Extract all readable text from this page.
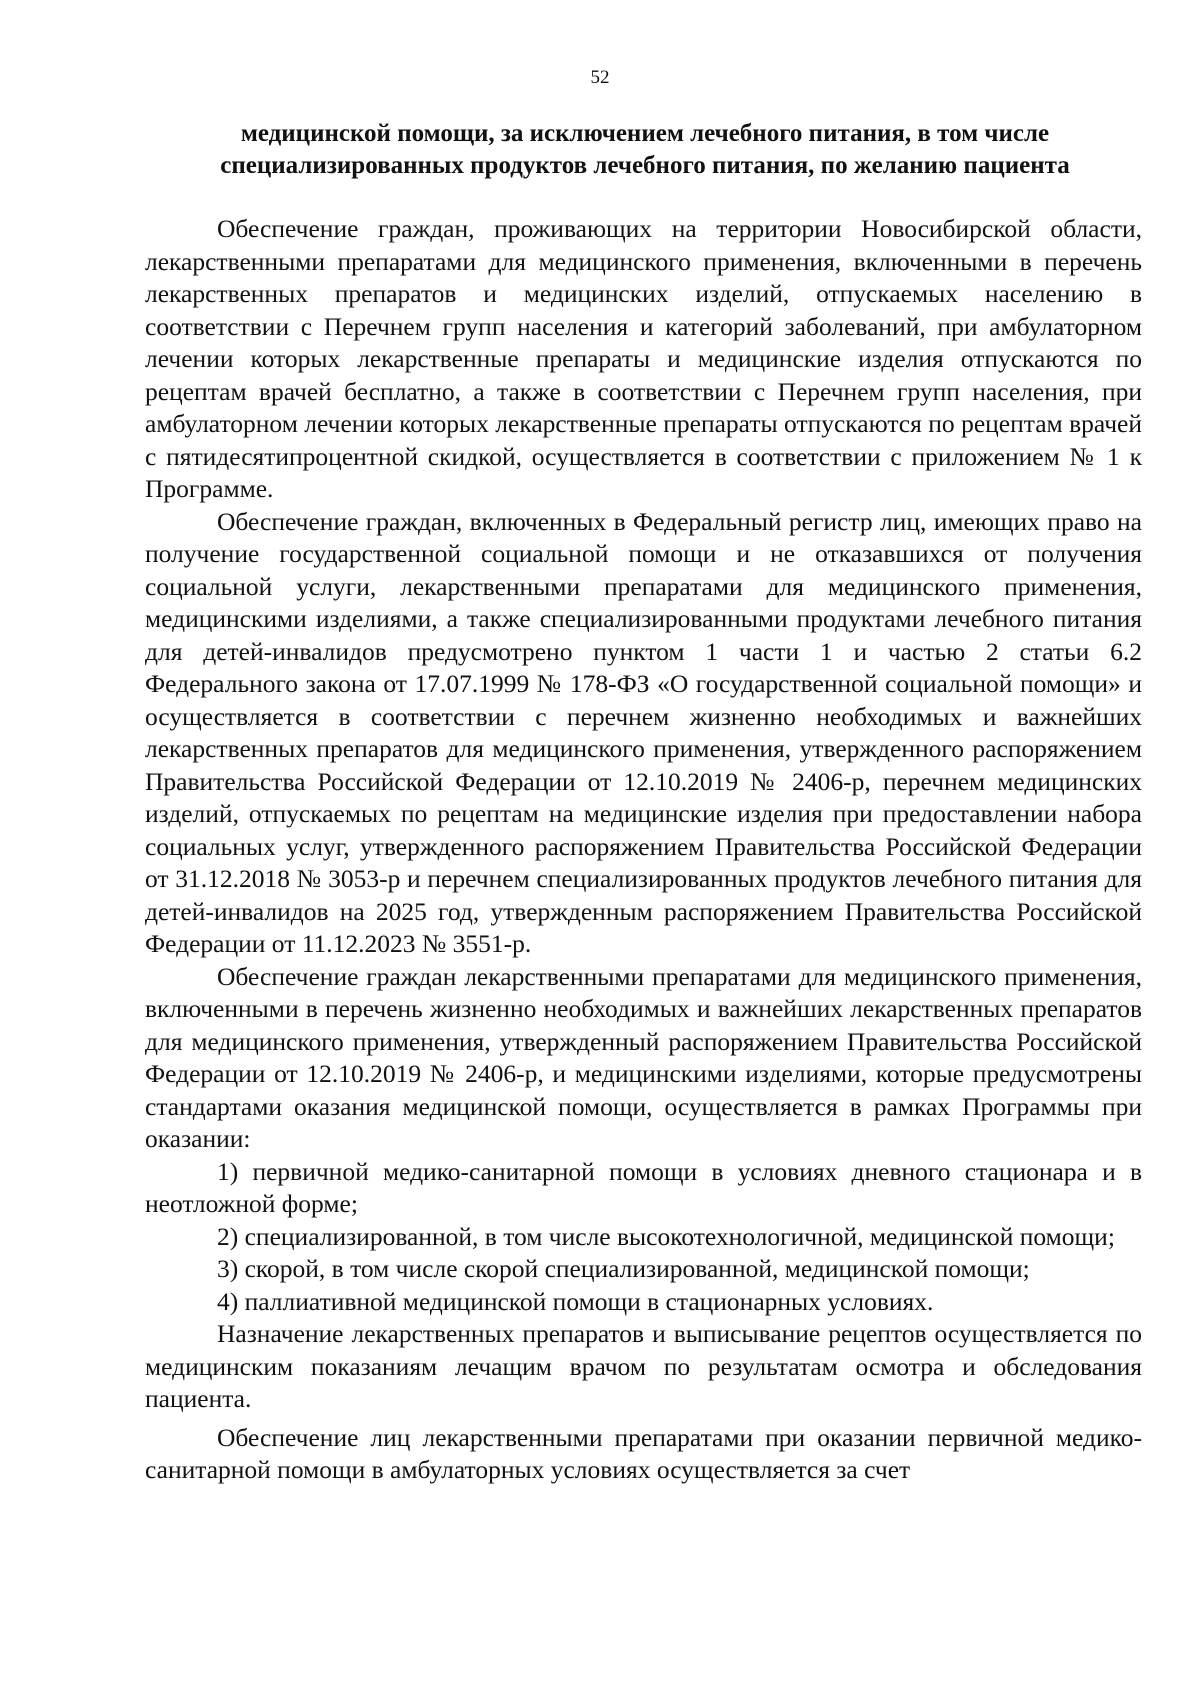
52
медицинской помощи, за исключением лечебного питания, в том числе специализированных продуктов лечебного питания, по желанию пациента

Обеспечение граждан, проживающих на территории Новосибирской области, лекарственными препаратами для медицинского применения, включенными в перечень лекарственных препаратов и медицинских изделий, отпускаемых населению в соответствии с Перечнем групп населения и категорий заболеваний, при амбулаторном лечении которых лекарственные препараты и медицинские изделия отпускаются по рецептам врачей бесплатно, а также в соответствии с Перечнем групп населения, при амбулаторном лечении которых лекарственные препараты отпускаются по рецептам врачей с пятидесятипроцентной скидкой, осуществляется в соответствии с приложением № 1 к Программе.

Обеспечение граждан, включенных в Федеральный регистр лиц, имеющих право на получение государственной социальной помощи и не отказавшихся от получения социальной услуги, лекарственными препаратами для медицинского применения, медицинскими изделиями, а также специализированными продуктами лечебного питания для детей-инвалидов предусмотрено пунктом 1 части 1 и частью 2 статьи 6.2 Федерального закона от 17.07.1999 № 178-ФЗ «О государственной социальной помощи» и осуществляется в соответствии с перечнем жизненно необходимых и важнейших лекарственных препаратов для медицинского применения, утвержденного распоряжением Правительства Российской Федерации от 12.10.2019 № 2406-р, перечнем медицинских изделий, отпускаемых по рецептам на медицинские изделия при предоставлении набора социальных услуг, утвержденного распоряжением Правительства Российской Федерации от 31.12.2018 № 3053-р и перечнем специализированных продуктов лечебного питания для детей-инвалидов на 2025 год, утвержденным распоряжением Правительства Российской Федерации от 11.12.2023 № 3551-р.

Обеспечение граждан лекарственными препаратами для медицинского применения, включенными в перечень жизненно необходимых и важнейших лекарственных препаратов для медицинского применения, утвержденный распоряжением Правительства Российской Федерации от 12.10.2019 № 2406-р, и медицинскими изделиями, которые предусмотрены стандартами оказания медицинской помощи, осуществляется в рамках Программы при оказании:

1) первичной медико-санитарной помощи в условиях дневного стационара и в неотложной форме;

2) специализированной, в том числе высокотехнологичной, медицинской помощи;

3) скорой, в том числе скорой специализированной, медицинской помощи;

4) паллиативной медицинской помощи в стационарных условиях.

Назначение лекарственных препаратов и выписывание рецептов осуществляется по медицинским показаниям лечащим врачом по результатам осмотра и обследования пациента.

Обеспечение лиц лекарственными препаратами при оказании первичной медико-санитарной помощи в амбулаторных условиях осуществляется за счет
